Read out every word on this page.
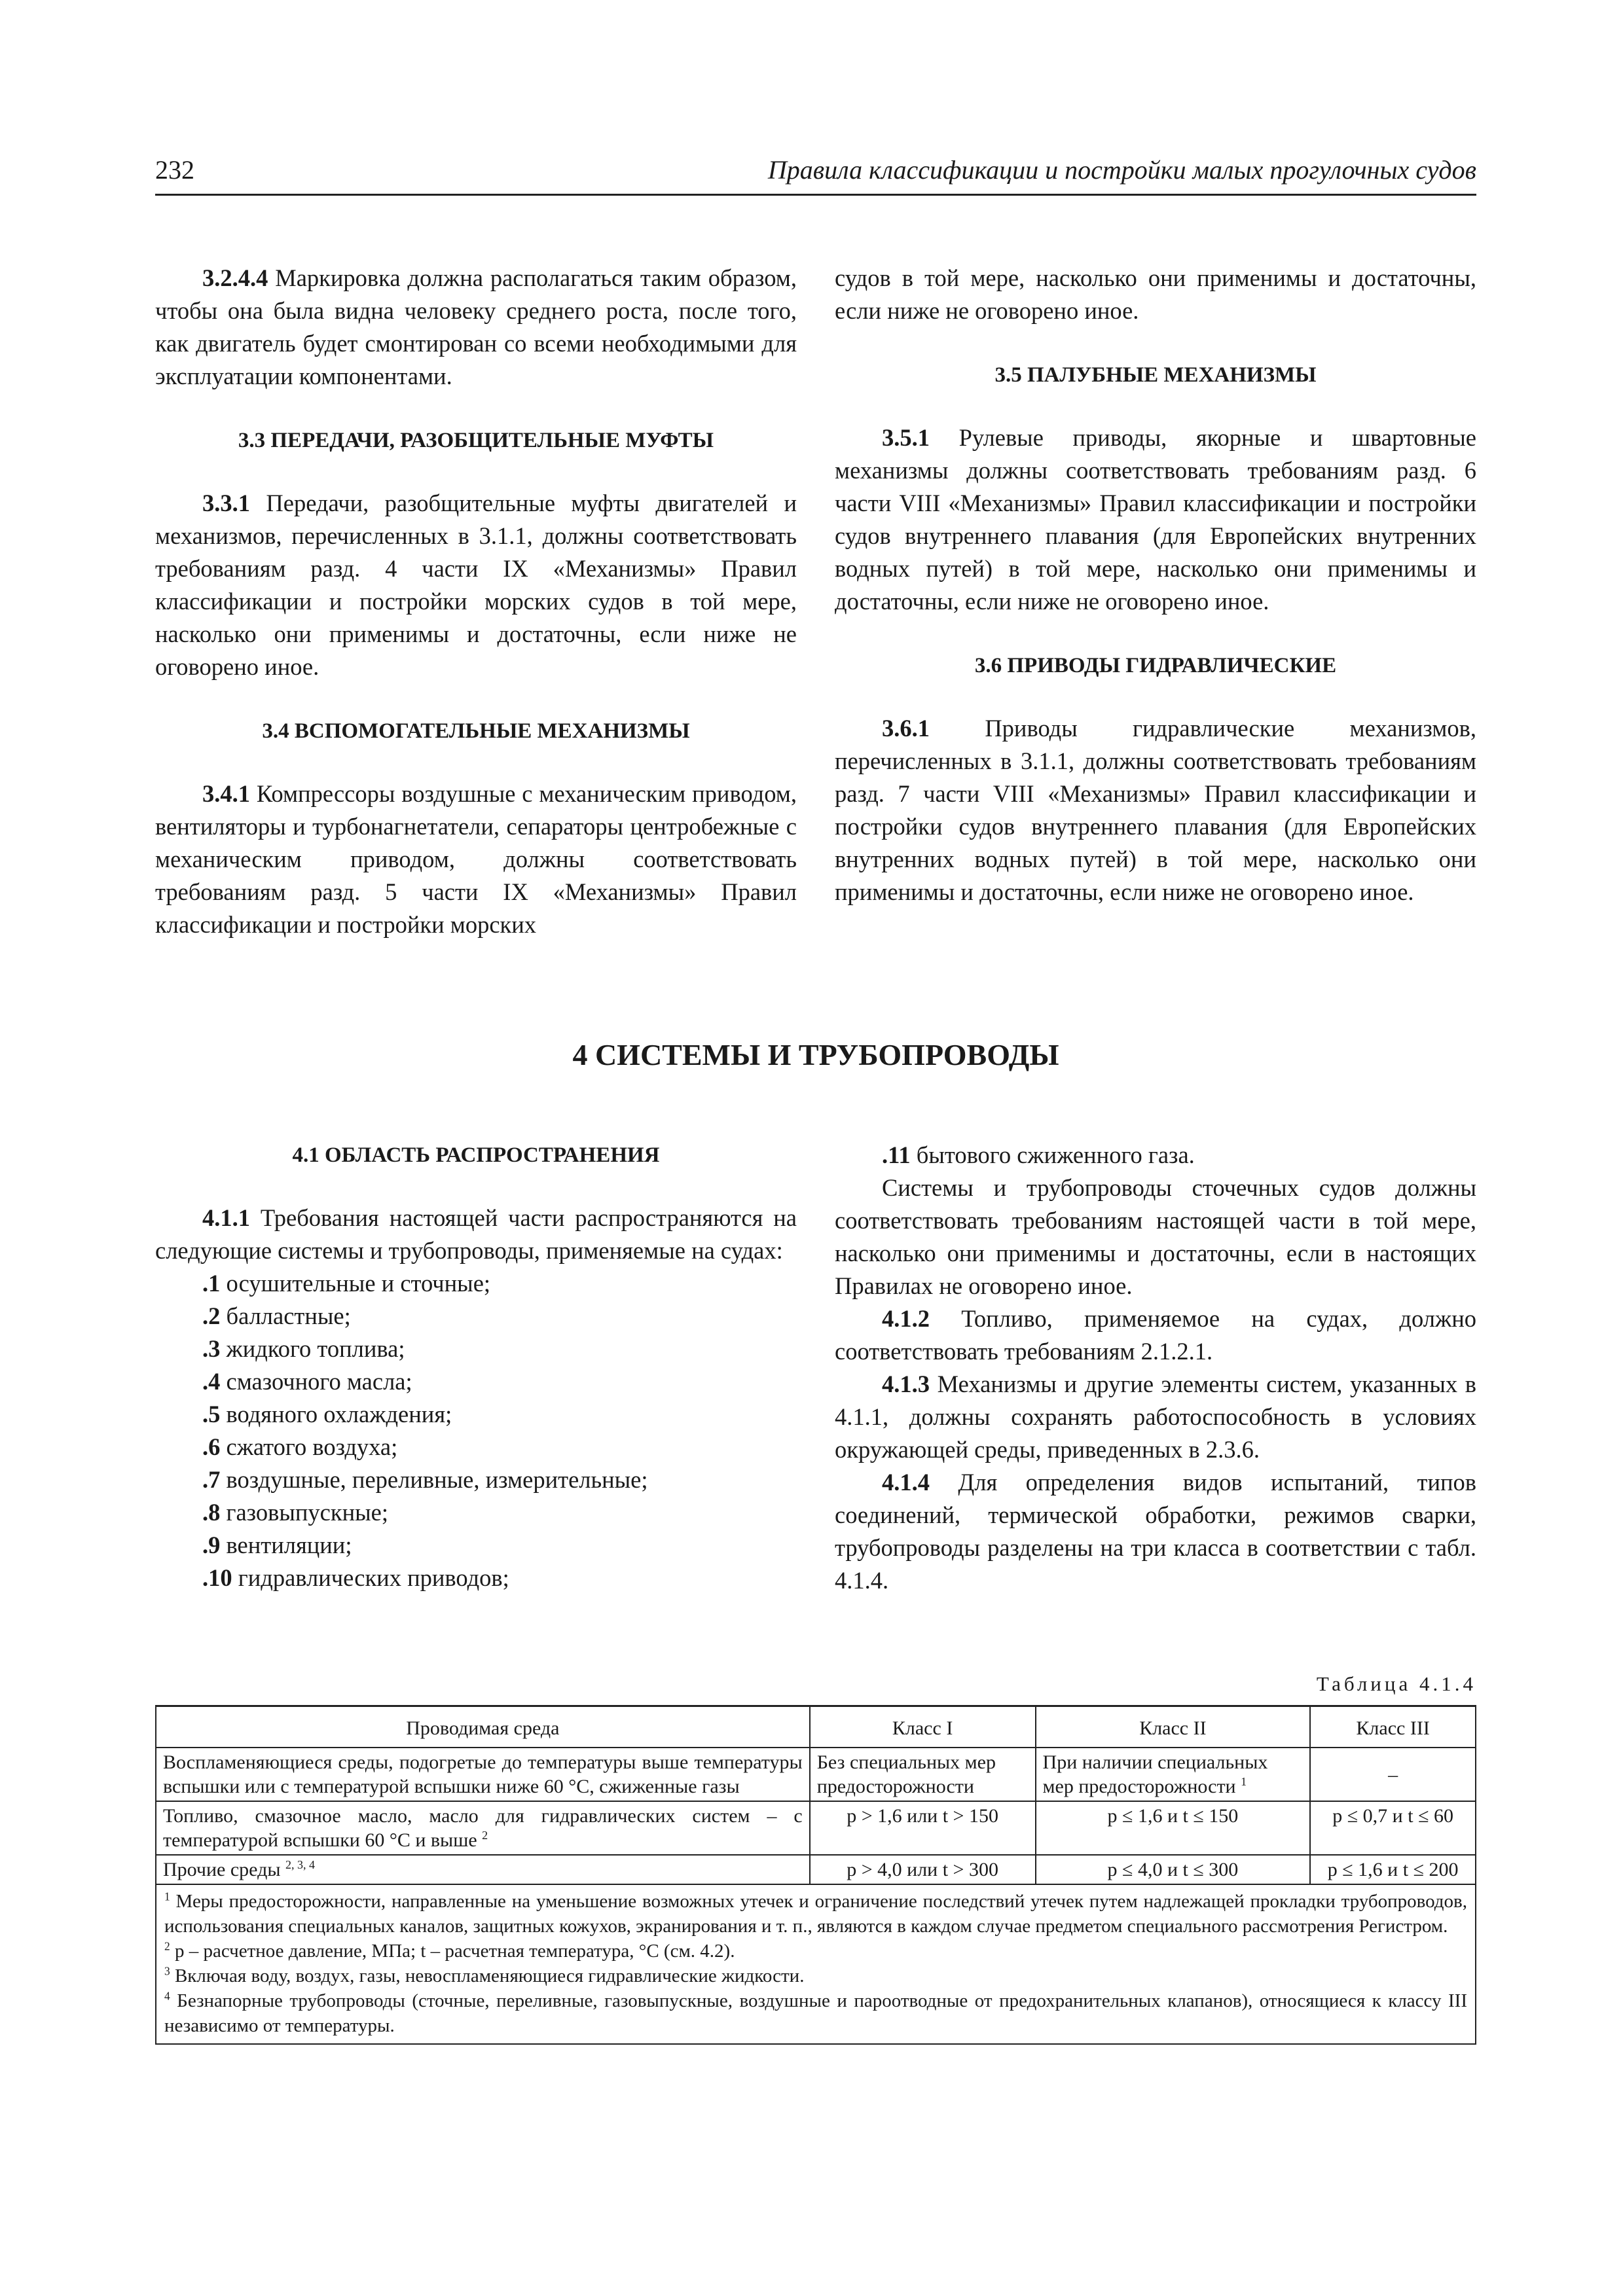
232	Правила классификации и постройки малых прогулочных судов

3.2.4.4 Маркировка должна располагаться таким образом, чтобы она была видна человеку среднего роста, после того, как двигатель будет смонтирован со всеми необходимыми для эксплуатации компонентами.

3.3 ПЕРЕДАЧИ, РАЗОБЩИТЕЛЬНЫЕ МУФТЫ

3.3.1 Передачи, разобщительные муфты двигателей и механизмов, перечисленных в 3.1.1, должны соответствовать требованиям разд. 4 части IX «Механизмы» Правил классификации и постройки морских судов в той мере, насколько они применимы и достаточны, если ниже не оговорено иное.

3.4 ВСПОМОГАТЕЛЬНЫЕ МЕХАНИЗМЫ

3.4.1 Компрессоры воздушные с механическим приводом, вентиляторы и турбонагнетатели, сепараторы центробежные с механическим приводом, должны соответствовать требованиям разд. 5 части IX «Механизмы» Правил классификации и постройки морских

судов в той мере, насколько они применимы и достаточны, если ниже не оговорено иное.

3.5 ПАЛУБНЫЕ МЕХАНИЗМЫ

3.5.1 Рулевые приводы, якорные и швартовные механизмы должны соответствовать требованиям разд. 6 части VIII «Механизмы» Правил классификации и постройки судов внутреннего плавания (для Европейских внутренних водных путей) в той мере, насколько они применимы и достаточны, если ниже не оговорено иное.

3.6 ПРИВОДЫ ГИДРАВЛИЧЕСКИЕ

3.6.1 Приводы гидравлические механизмов, перечисленных в 3.1.1, должны соответствовать требованиям разд. 7 части VIII «Механизмы» Правил классификации и постройки судов внутреннего плавания (для Европейских внутренних водных путей) в той мере, насколько они применимы и достаточны, если ниже не оговорено иное.

4 СИСТЕМЫ И ТРУБОПРОВОДЫ
4.1 ОБЛАСТЬ РАСПРОСТРАНЕНИЯ

4.1.1 Требования настоящей части распространяются на следующие системы и трубопроводы, применяемые на судах:

.1 осушительные и сточные;

.2 балластные;

.3 жидкого топлива;

.4 смазочного масла;

.5 водяного охлаждения;

.6 сжатого воздуха;

.7 воздушные, переливные, измерительные;

.8 газовыпускные;

.9 вентиляции;

.10 гидравлических приводов;

.11 бытового сжиженного газа.

Системы и трубопроводы сточечных судов должны соответствовать требованиям настоящей части в той мере, насколько они применимы и достаточны, если в настоящих Правилах не оговорено иное.

4.1.2 Топливо, применяемое на судах, должно соответствовать требованиям 2.1.2.1.

4.1.3 Механизмы и другие элементы систем, указанных в 4.1.1, должны сохранять работоспособность в условиях окружающей среды, приведенных в 2.3.6.

4.1.4 Для определения видов испытаний, типов соединений, термической обработки, режимов сварки, трубопроводы разделены на три класса в соответствии с табл. 4.1.4.

Таблица 4.1.4
Проводимая среда	Класс I	Класс II	Класс III
Воспламеняющиеся среды, подогретые до температуры выше температуры вспышки или с температурой вспышки ниже 60 °С, сжиженные газы	Без специальных мер предосторожности	При наличии специальных мер предосторожности $^1$	–
Топливо, смазочное масло, масло для гидравлических систем – с температурой вспышки 60 °С и выше $^2$	p > 1,6 или t > 150	p ≤ 1,6 и t ≤ 150	p ≤ 0,7 и t ≤ 60
Прочие среды $^{2, 3, 4}$	p > 4,0 или t > 300	p ≤ 4,0 и t ≤ 300	p ≤ 1,6 и t ≤ 200

$^1$ Меры предосторожности, направленные на уменьшение возможных утечек и ограничение последствий утечек путем надлежащей прокладки трубопроводов, использования специальных каналов, защитных кожухов, экранирования и т. п., являются в каждом случае предметом специального рассмотрения Регистром.
$^2$ p – расчетное давление, МПа; t – расчетная температура, °С (см. 4.2).
$^3$ Включая воду, воздух, газы, невоспламеняющиеся гидравлические жидкости.
$^4$ Безнапорные трубопроводы (сточные, переливные, газовыпускные, воздушные и пароотводные от предохранительных клапанов), относящиеся к классу III независимо от температуры.			
